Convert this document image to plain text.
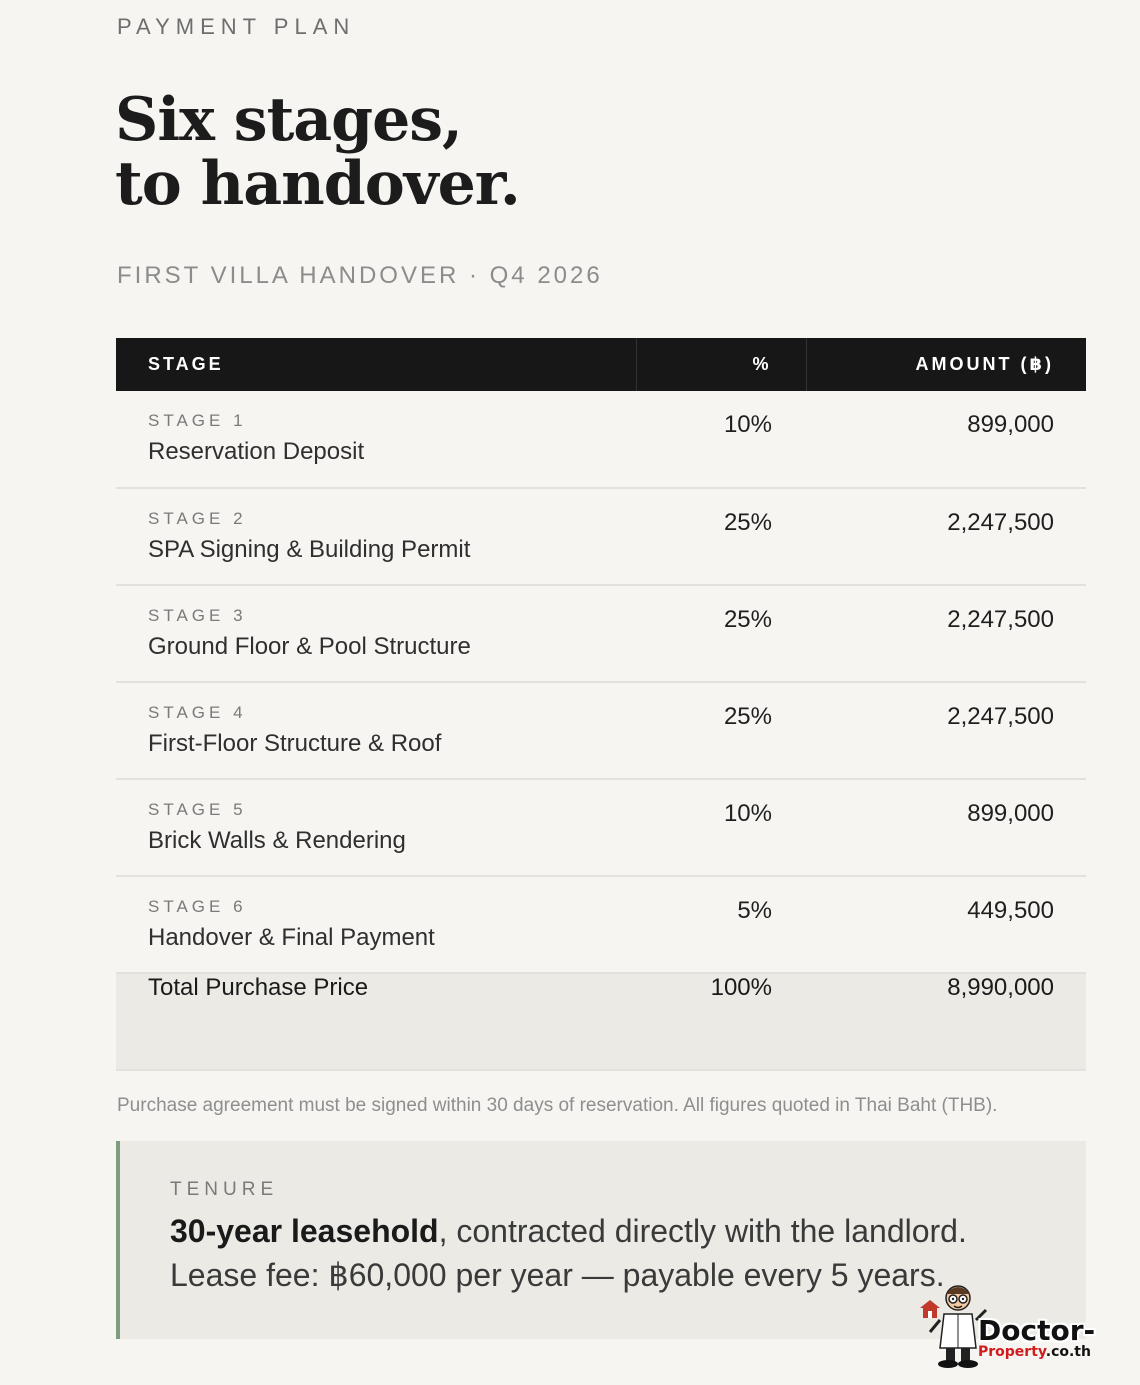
PAYMENT PLAN
Six stages,
to handover.
FIRST VILLA HANDOVER · Q4 2026
STAGE	%	AMOUNT (฿)

STAGE 1
Reservation Deposit	10%	899,000

STAGE 2
SPA Signing & Building Permit	25%	2,247,500

STAGE 3
Ground Floor & Pool Structure	25%	2,247,500

STAGE 4
First-Floor Structure & Roof	25%	2,247,500

STAGE 5
Brick Walls & Rendering	10%	899,000

STAGE 6
Handover & Final Payment	5%	449,500
Total Purchase Price	100%	8,990,000

Purchase agreement must be signed within 30 days of reservation. All figures quoted in Thai Baht (THB).

TENURE
30-year leasehold, contracted directly with the landlord.
Lease fee: ฿60,000 per year — payable every 5 years.
Doctor-
Property.co.th
